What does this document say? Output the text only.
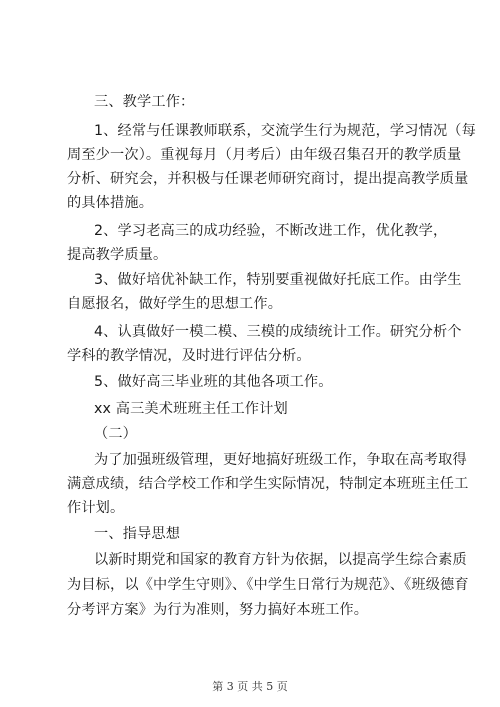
三、教学工作：
1、经常与任课教师联系，交流学生行为规范，学习情况（每
周至少一次）。重视每月（月考后）由年级召集召开的教学质量
分析、研究会，并积极与任课老师研究商讨，提出提高教学质量
的具体措施。
2、学习老高三的成功经验，不断改进工作，优化教学，
提高教学质量。
3、做好培优补缺工作，特别要重视做好托底工作。由学生
自愿报名，做好学生的思想工作。
4、认真做好一模二模、三模的成绩统计工作。研究分析个
学科的教学情况，及时进行评估分析。
5、做好高三毕业班的其他各项工作。
xx 高三美术班班主任工作计划
（二）
为了加强班级管理，更好地搞好班级工作，争取在高考取得
满意成绩，结合学校工作和学生实际情况，特制定本班班主任工
作计划。
一、指导思想
以新时期党和国家的教育方针为依据，以提高学生综合素质
为目标，以《中学生守则》、《中学生日常行为规范》、《班级德育
分考评方案》为行为准则，努力搞好本班工作。
第 3 页 共 5 页
